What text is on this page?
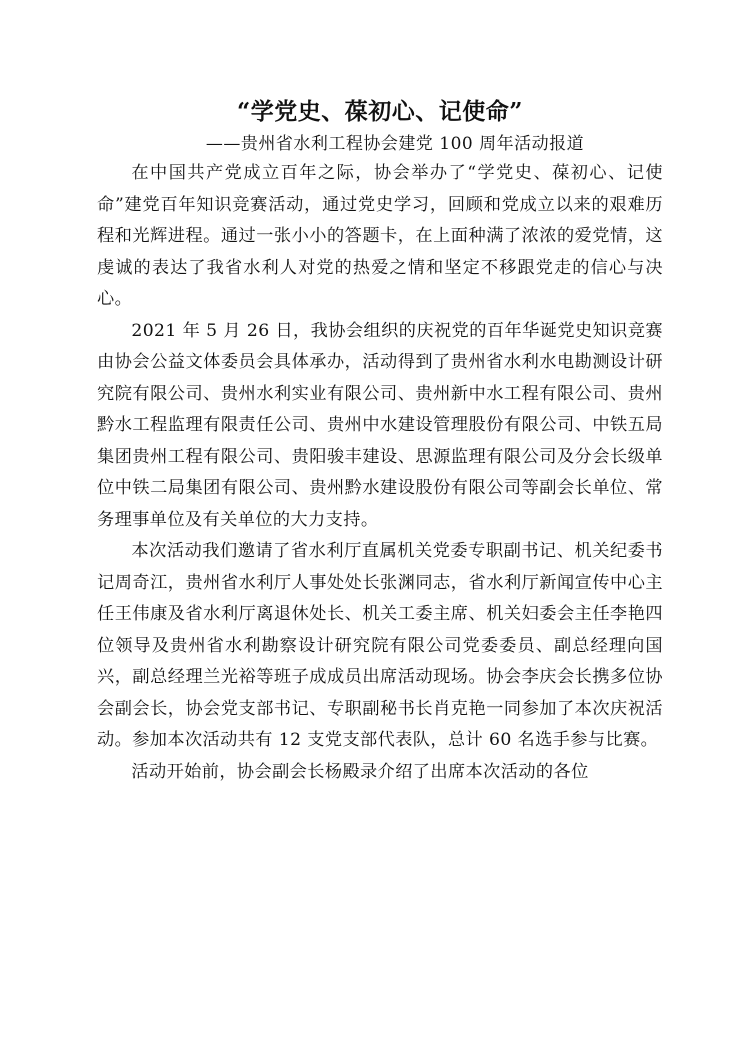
“学党史、葆初心、记使命”

——贵州省水利工程协会建党 100 周年活动报道

在中国共产党成立百年之际，协会举办了“学党史、葆初心、记使命”建党百年知识竞赛活动，通过党史学习，回顾和党成立以来的艰难历程和光辉进程。通过一张小小的答题卡，在上面种满了浓浓的爱党情，这虔诚的表达了我省水利人对党的热爱之情和坚定不移跟党走的信心与决心。

2021 年 5 月 26 日，我协会组织的庆祝党的百年华诞党史知识竞赛由协会公益文体委员会具体承办，活动得到了贵州省水利水电勘测设计研究院有限公司、贵州水利实业有限公司、贵州新中水工程有限公司、贵州黔水工程监理有限责任公司、贵州中水建设管理股份有限公司、中铁五局集团贵州工程有限公司、贵阳骏丰建设、思源监理有限公司及分会长级单位中铁二局集团有限公司、贵州黔水建设股份有限公司等副会长单位、常务理事单位及有关单位的大力支持。

本次活动我们邀请了省水利厅直属机关党委专职副书记、机关纪委书记周奇江，贵州省水利厅人事处处长张渊同志，省水利厅新闻宣传中心主任王伟康及省水利厅离退休处长、机关工委主席、机关妇委会主任李艳四位领导及贵州省水利勘察设计研究院有限公司党委委员、副总经理向国兴，副总经理兰光裕等班子成成员出席活动现场。协会李庆会长携多位协会副会长，协会党支部书记、专职副秘书长肖克艳一同参加了本次庆祝活动。参加本次活动共有 12 支党支部代表队，总计 60 名选手参与比赛。

活动开始前，协会副会长杨殿录介绍了出席本次活动的各位
